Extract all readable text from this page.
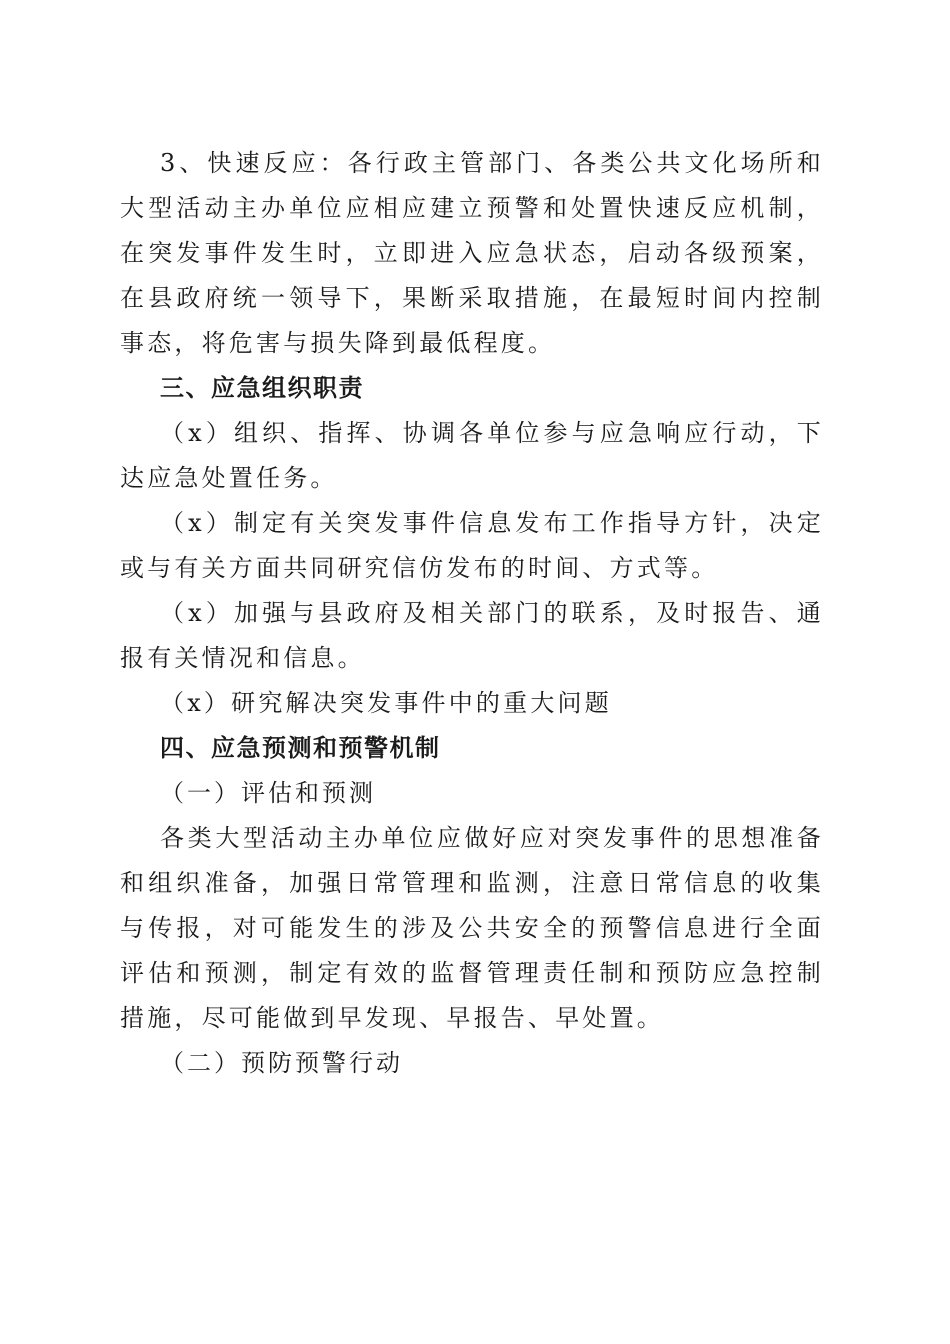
3、快速反应：各行政主管部门、各类公共文化场所和大型活动主办单位应相应建立预警和处置快速反应机制，在突发事件发生时，立即进入应急状态，启动各级预案，在县政府统一领导下，果断采取措施，在最短时间内控制事态，将危害与损失降到最低程度。

三、应急组织职责

（x）组织、指挥、协调各单位参与应急响应行动，下达应急处置任务。

（x）制定有关突发事件信息发布工作指导方针，决定或与有关方面共同研究信仿发布的时间、方式等。

（x）加强与县政府及相关部门的联系，及时报告、通报有关情况和信息。

（x）研究解决突发事件中的重大问题

四、应急预测和预警机制

（一）评估和预测

各类大型活动主办单位应做好应对突发事件的思想准备和组织准备，加强日常管理和监测，注意日常信息的收集与传报，对可能发生的涉及公共安全的预警信息进行全面评估和预测，制定有效的监督管理责任制和预防应急控制措施，尽可能做到早发现、早报告、早处置。

（二）预防预警行动
